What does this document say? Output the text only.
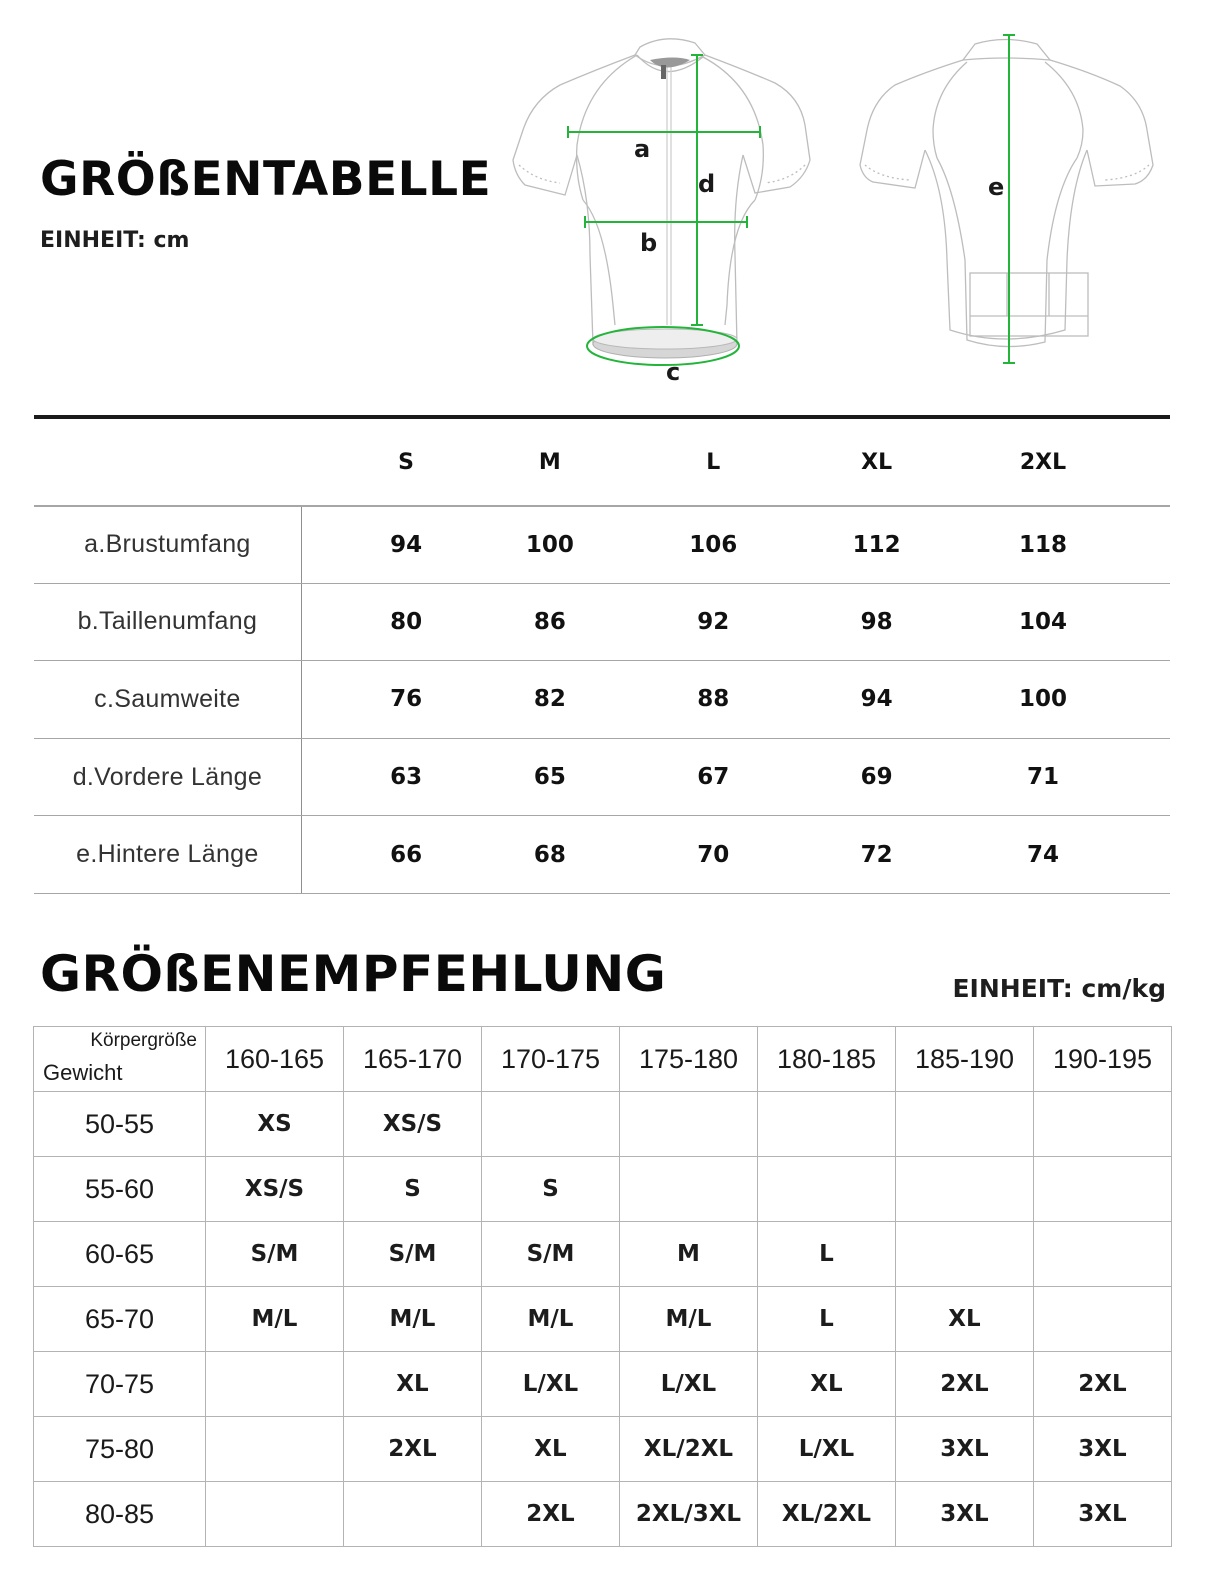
GRÖßENTABELLE
EINHEIT: cm
a
d
b
c
e
S	M	L	XL	2XL
a.Brustumfang	94	100	106	112	118
b.Taillenumfang	80	86	92	98	104
c.Saumweite	76	82	88	94	100
d.Vordere Länge	63	65	67	69	71
e.Hintere Länge	66	68	70	72	74
GRÖßENEMPFEHLUNG	EINHEIT: cm/kg
Körpergröße
Gewicht	160-165	165-170	170-175	175-180	180-185	185-190	190-195
50-55	XS	XS/S					
55-60	XS/S	S	S				
60-65	S/M	S/M	S/M	M	L		
65-70	M/L	M/L	M/L	M/L	L	XL	
70-75		XL	L/XL	L/XL	XL	2XL	2XL
75-80		2XL	XL	XL/2XL	L/XL	3XL	3XL
80-85			2XL	2XL/3XL	XL/2XL	3XL	3XL
